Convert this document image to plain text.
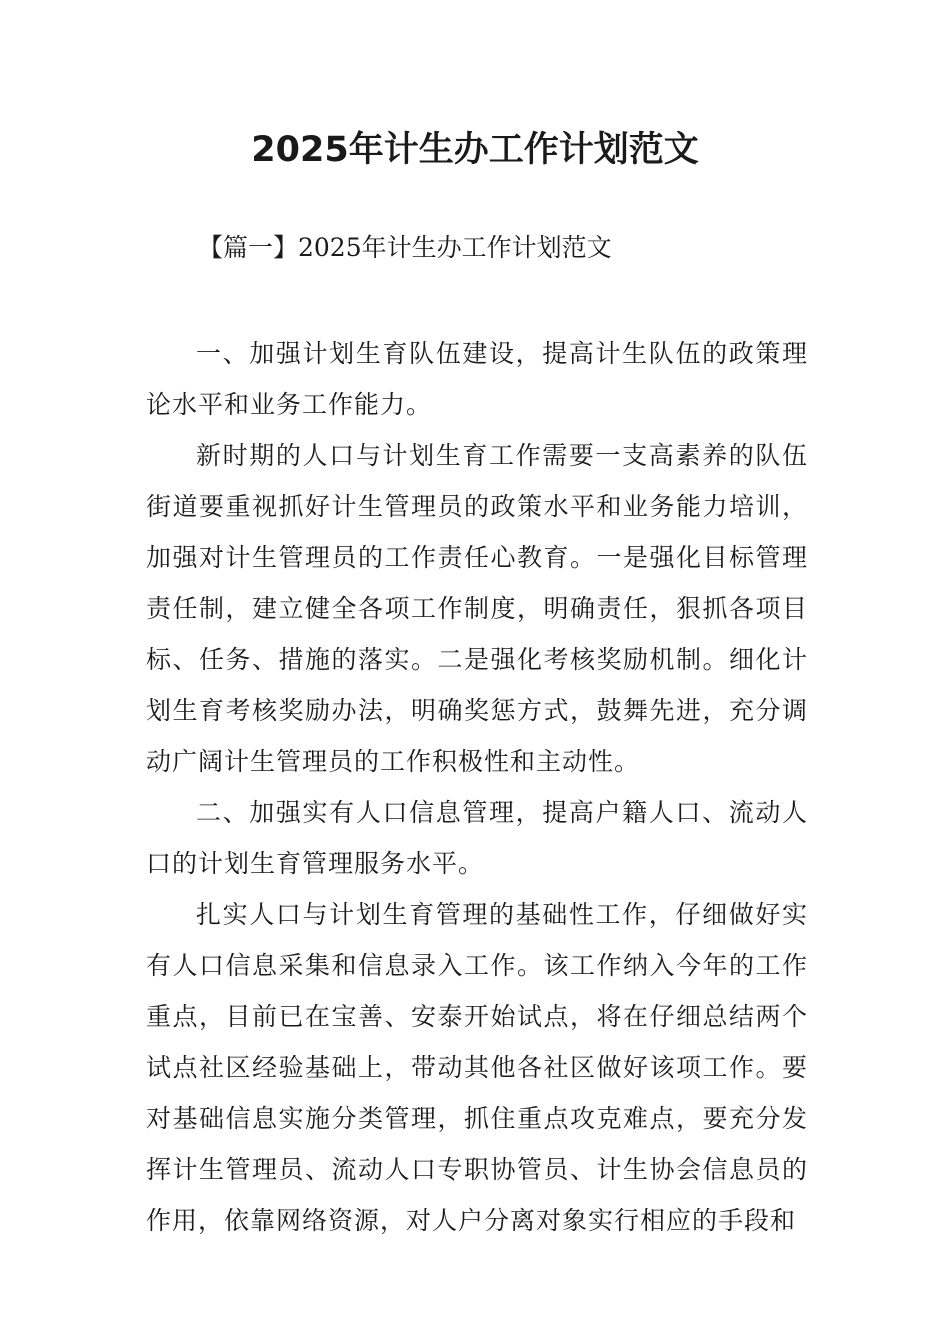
2025年计生办工作计划范文
【篇一】2025年计生办工作计划范文

一、加强计划生育队伍建设，提高计生队伍的政策理论水平和业务工作能力。

新时期的人口与计划生育工作需要一支高素养的队伍街道要重视抓好计生管理员的政策水平和业务能力培训，加强对计生管理员的工作责任心教育。一是强化目标管理责任制，建立健全各项工作制度，明确责任，狠抓各项目标、任务、措施的落实。二是强化考核奖励机制。细化计划生育考核奖励办法，明确奖惩方式，鼓舞先进，充分调动广阔计生管理员的工作积极性和主动性。

二、加强实有人口信息管理，提高户籍人口、流动人口的计划生育管理服务水平。

扎实人口与计划生育管理的基础性工作，仔细做好实有人口信息采集和信息录入工作。该工作纳入今年的工作重点，目前已在宝善、安泰开始试点，将在仔细总结两个试点社区经验基础上，带动其他各社区做好该项工作。要对基础信息实施分类管理，抓住重点攻克难点，要充分发挥计生管理员、流动人口专职协管员、计生协会信息员的作用，依靠网络资源，对人户分离对象实行相应的手段和
